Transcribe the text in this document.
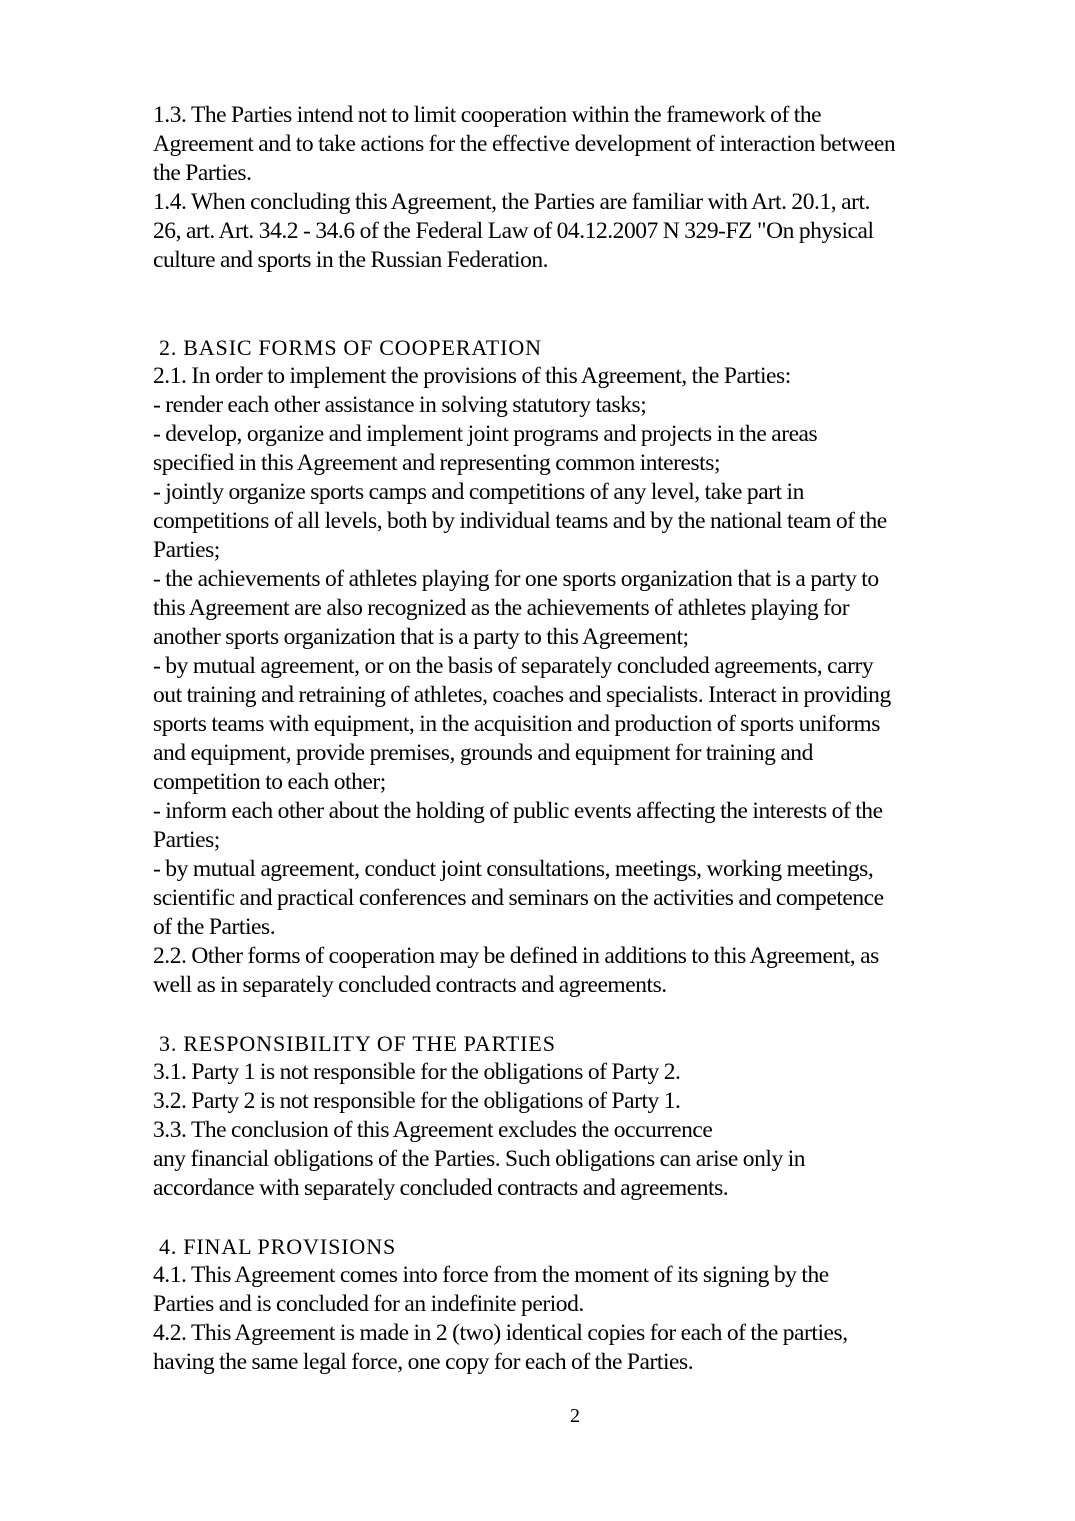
1.3. The Parties intend not to limit cooperation within the framework of the
Agreement and to take actions for the effective development of interaction between
the Parties.
1.4. When concluding this Agreement, the Parties are familiar with Art. 20.1, art.
26, art. Art. 34.2 - 34.6 of the Federal Law of 04.12.2007 N 329-FZ "On physical
culture and sports in the Russian Federation.
2. BASIC FORMS OF COOPERATION
2.1. In order to implement the provisions of this Agreement, the Parties:
- render each other assistance in solving statutory tasks;
- develop, organize and implement joint programs and projects in the areas
specified in this Agreement and representing common interests;
- jointly organize sports camps and competitions of any level, take part in
competitions of all levels, both by individual teams and by the national team of the
Parties;
- the achievements of athletes playing for one sports organization that is a party to
this Agreement are also recognized as the achievements of athletes playing for
another sports organization that is a party to this Agreement;
- by mutual agreement, or on the basis of separately concluded agreements, carry
out training and retraining of athletes, coaches and specialists. Interact in providing
sports teams with equipment, in the acquisition and production of sports uniforms
and equipment, provide premises, grounds and equipment for training and
competition to each other;
- inform each other about the holding of public events affecting the interests of the
Parties;
- by mutual agreement, conduct joint consultations, meetings, working meetings,
scientific and practical conferences and seminars on the activities and competence
of the Parties.
2.2. Other forms of cooperation may be defined in additions to this Agreement, as
well as in separately concluded contracts and agreements.
3. RESPONSIBILITY OF THE PARTIES
3.1. Party 1 is not responsible for the obligations of Party 2.
3.2. Party 2 is not responsible for the obligations of Party 1.
3.3. The conclusion of this Agreement excludes the occurrence
any financial obligations of the Parties. Such obligations can arise only in
accordance with separately concluded contracts and agreements.
4. FINAL PROVISIONS
4.1. This Agreement comes into force from the moment of its signing by the
Parties and is concluded for an indefinite period.
4.2. This Agreement is made in 2 (two) identical copies for each of the parties,
having the same legal force, one copy for each of the Parties.
2
